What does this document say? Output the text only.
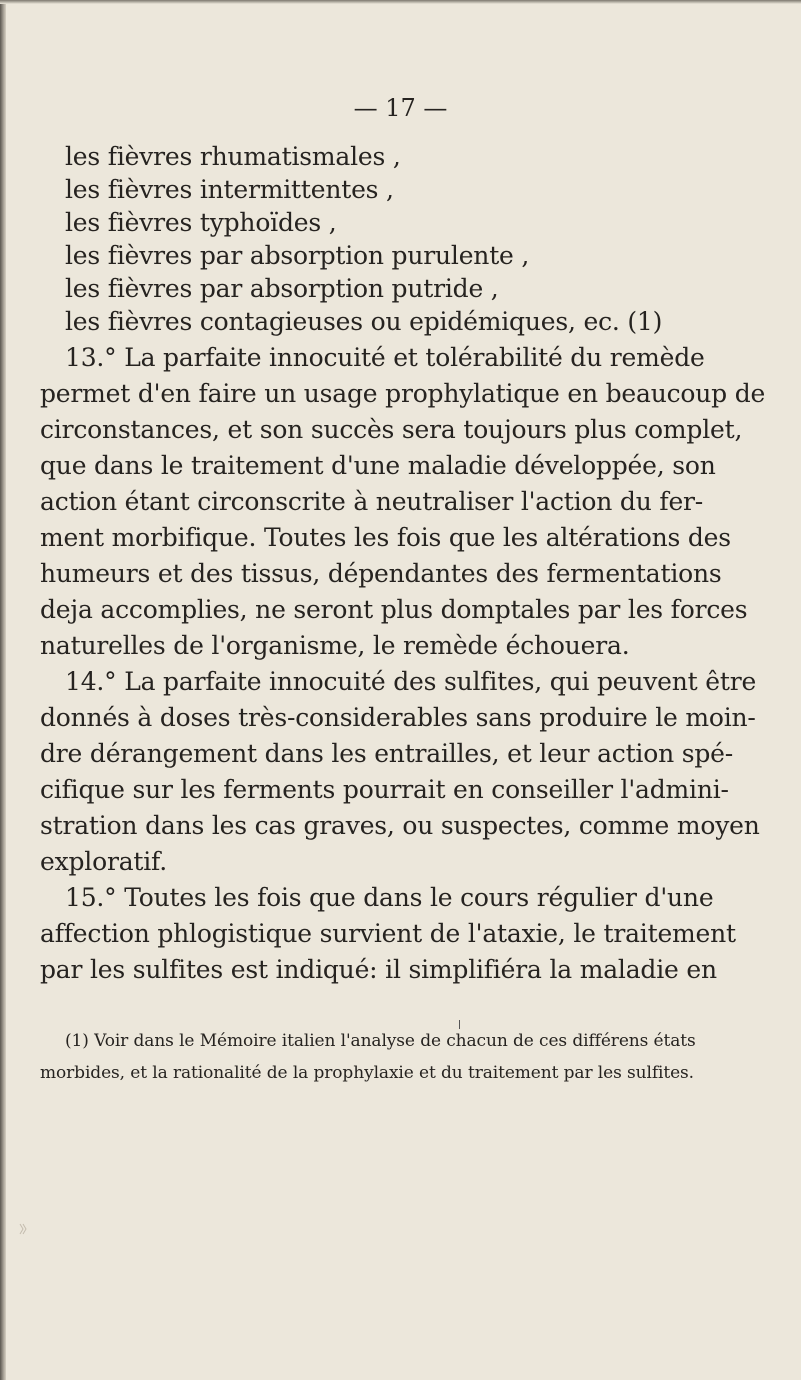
— 17 —
les fièvres rhumatismales ,
les fièvres intermittentes ,
les fièvres typhoïdes ,
les fièvres par absorption purulente ,
les fièvres par absorption putride ,
les fièvres contagieuses ou epidémiques, ec. (1)
13.° La parfaite innocuité et tolérabilité du remède
permet d'en faire un usage prophylatique en beaucoup de
circonstances, et son succès sera toujours plus complet,
que dans le traitement d'une maladie développée, son
action étant circonscrite à neutraliser l'action du fer-
ment morbifique. Toutes les fois que les altérations des
humeurs et des tissus, dépendantes des fermentations
deja accomplies, ne seront plus domptales par les forces
naturelles de l'organisme, le remède échouera.
14.° La parfaite innocuité des sulfites, qui peuvent être
donnés à doses très-considerables sans produire le moin-
dre dérangement dans les entrailles, et leur action spé-
cifique sur les ferments pourrait en conseiller l'admini-
stration dans les cas graves, ou suspectes, comme moyen
exploratif.
15.° Toutes les fois que dans le cours régulier d'une
affection phlogistique survient de l'ataxie, le traitement
par les sulfites est indiqué: il simplifiéra la maladie en
(1) Voir dans le Mémoire italien l'analyse de chacun de ces différens états
morbides, et la rationalité de la prophylaxie et du traitement par les sulfites.
